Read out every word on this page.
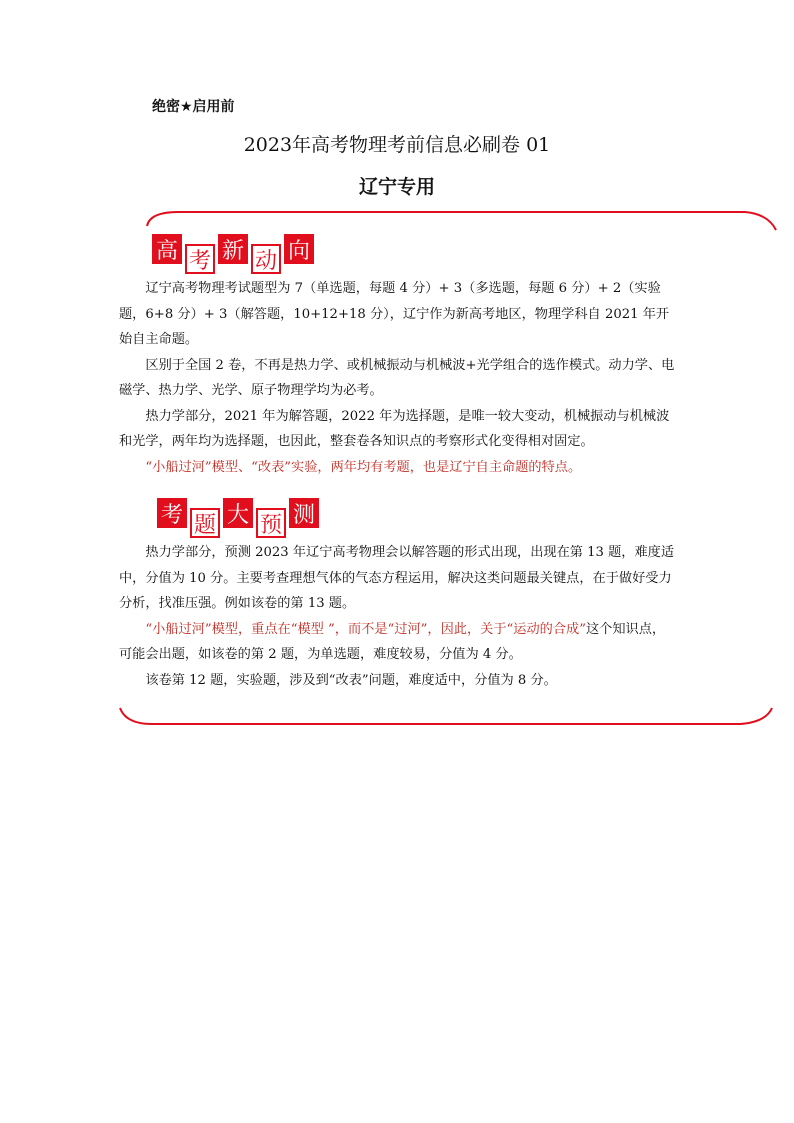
绝密★启用前
2023年高考物理考前信息必刷卷 01
辽宁专用
高 考 新 动 向

辽宁高考物理考试题型为 7（单选题，每题 4 分）+ 3（多选题，每题 6 分）+ 2（实验题，6+8 分）+ 3（解答题，10+12+18 分），辽宁作为新高考地区，物理学科自 2021 年开始自主命题。

区别于全国 2 卷，不再是热力学、或机械振动与机械波+光学组合的选作模式。动力学、电磁学、热力学、光学、原子物理学均为必考。

热力学部分，2021 年为解答题，2022 年为选择题，是唯一较大变动，机械振动与机械波和光学，两年均为选择题，也因此，整套卷各知识点的考察形式化变得相对固定。

“小船过河”模型、“改表”实验，两年均有考题，也是辽宁自主命题的特点。

考 题 大 预 测

热力学部分，预测 2023 年辽宁高考物理会以解答题的形式出现，出现在第 13 题，难度适中，分值为 10 分。主要考查理想气体的气态方程运用，解决这类问题最关键点，在于做好受力分析，找准压强。例如该卷的第 13 题。

“小船过河”模型，重点在“模型 ”，而不是“过河”，因此，关于“运动的合成”这个知识点，可能会出题，如该卷的第 2 题，为单选题，难度较易，分值为 4 分。

该卷第 12 题，实验题，涉及到“改表”问题，难度适中，分值为 8 分。
